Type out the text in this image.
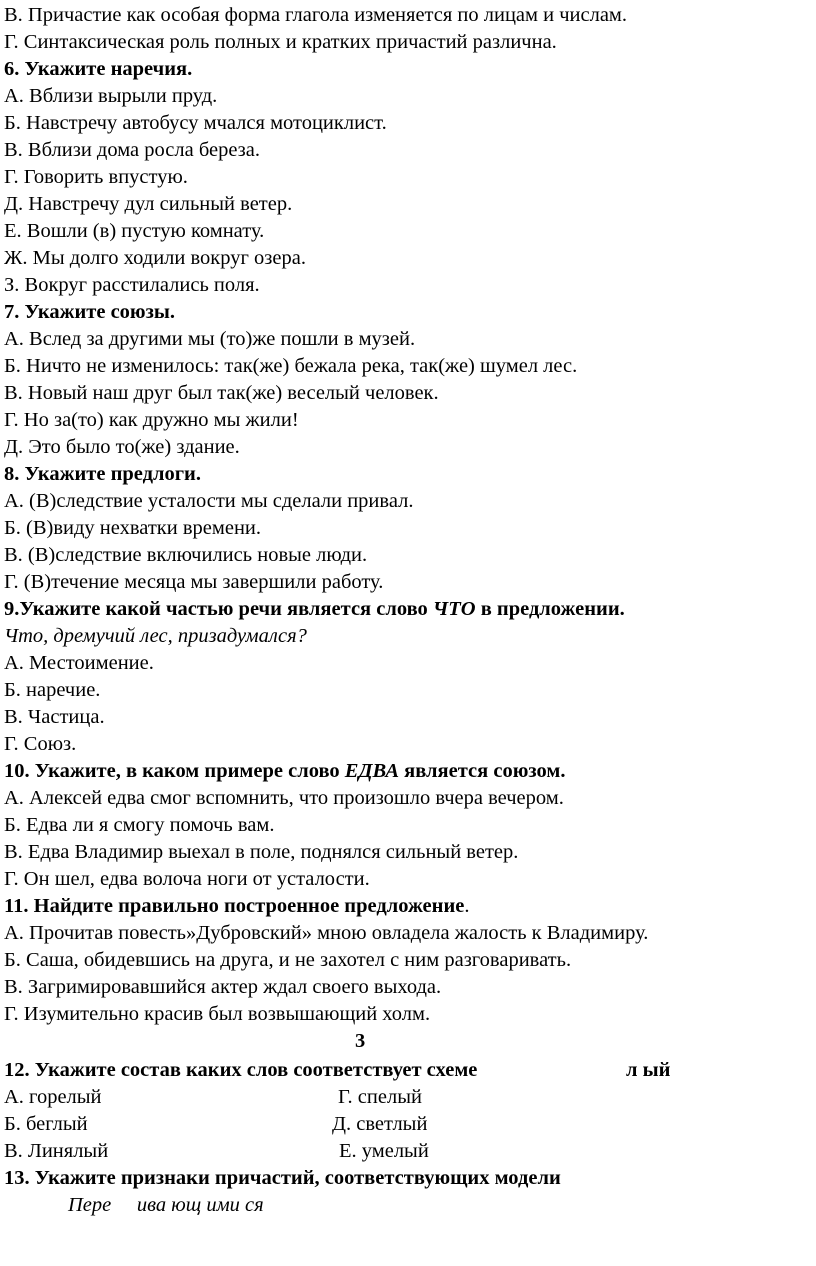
В. Причастие как особая форма глагола изменяется по лицам и числам.
Г. Синтаксическая роль полных и кратких причастий различна.
6. Укажите наречия.
А. Вблизи вырыли пруд.
Б. Навстречу автобусу мчался мотоциклист.
В. Вблизи дома росла береза.
Г. Говорить впустую.
Д. Навстречу дул сильный ветер.
Е. Вошли (в) пустую комнату.
Ж. Мы долго ходили вокруг озера.
З. Вокруг расстилались поля.
7. Укажите союзы.
А. Вслед за другими мы (то)же пошли в музей.
Б. Ничто не изменилось: так(же) бежала река, так(же) шумел лес.
В. Новый наш друг был так(же) веселый человек.
Г. Но за(то) как дружно мы жили!
Д. Это было то(же) здание.
8. Укажите предлоги.
А. (В)следствие усталости мы сделали привал.
Б. (В)виду нехватки времени.
В. (В)следствие включились новые люди.
Г. (В)течение месяца мы завершили работу.
9.Укажите какой частью речи является слово ЧТО в предложении.
Что, дремучий лес, призадумался?
А. Местоимение.
Б. наречие.
В. Частица.
Г. Союз.
10. Укажите, в каком примере слово ЕДВА является союзом.
А. Алексей едва смог вспомнить, что произошло вчера вечером.
Б. Едва ли я смогу помочь вам.
В. Едва Владимир выехал в поле, поднялся сильный ветер.
Г. Он шел, едва волоча ноги от усталости.
11. Найдите правильно построенное предложение.
А. Прочитав повесть»Дубровский» мною овладела жалость к Владимиру.
Б. Саша, обидевшись на друга, и не захотел с ним разговаривать.
В. Загримировавшийся актер ждал своего выхода.
Г. Изумительно красив был возвышающий холм.
3
12. Укажите состав каких слов соответствует схеме	л ый
А. горелый	Г. спелый
Б. беглый	Д. светлый
В. Линялый	Е. умелый
13. Укажите признаки причастий, соответствующих модели
Пере     ива ющ ими ся
